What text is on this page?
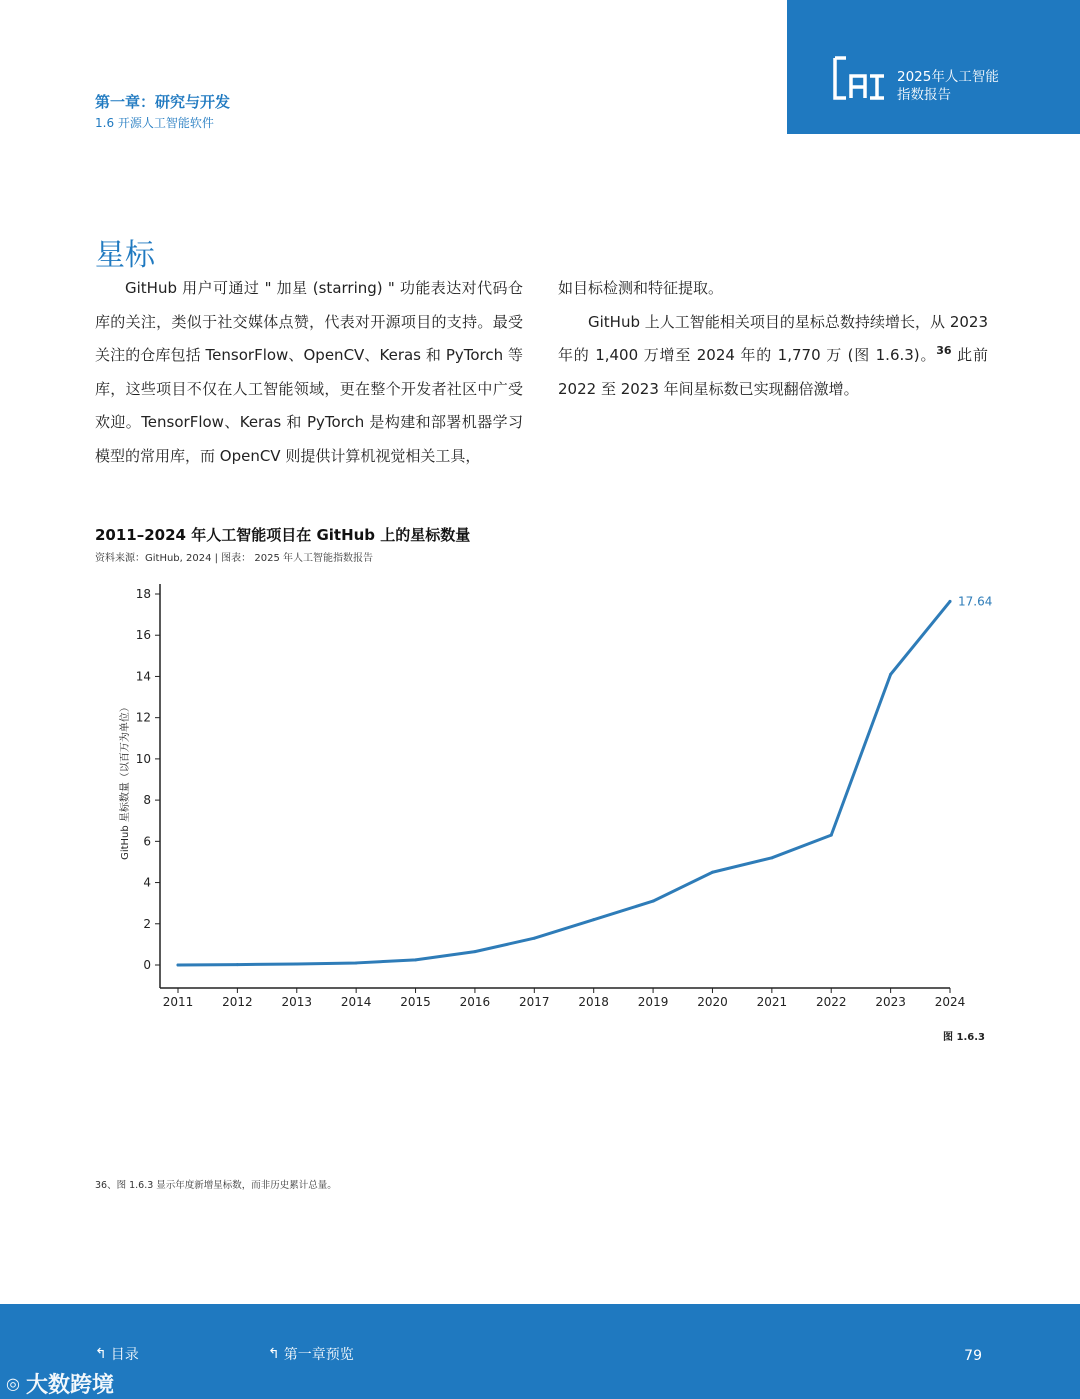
2025年人工智能
指数报告
第一章：研究与开发
1.6 开源人工智能软件
星标

GitHub 用户可通过 " 加星 (starring) " 功能表达对代码仓库的关注，类似于社交媒体点赞，代表对开源项目的支持。最受关注的仓库包括 TensorFlow、OpenCV、Keras 和 PyTorch 等库，这些项目不仅在人工智能领域，更在整个开发者社区中广受欢迎。TensorFlow、Keras 和 PyTorch 是构建和部署机器学习模型的常用库，而 OpenCV 则提供计算机视觉相关工具，

如目标检测和特征提取。

GitHub 上人工智能相关项目的星标总数持续增长，从 2023 年的 1,400 万增至 2024 年的 1,770 万 (图 1.6.3)。$^{36}$ 此前 2022 至 2023 年间星标数已实现翻倍激增。

2011–2024 年人工智能项目在 GitHub 上的星标数量
资料来源：GitHub, 2024 | 图表： 2025 年人工智能指数报告
0
2
4
6
8
10
12
14
16
18
2011 2012 2013 2014 2015 2016 2017 2018 2019 2020 2021 2022 2023 2024
GitHub 星标数量（以百万为单位）
17.64
图 1.6.3
36、图 1.6.3 显示年度新增星标数，而非历史累计总量。
↰ 目录	↰ 第一章预览	79
◎ 大数跨境
